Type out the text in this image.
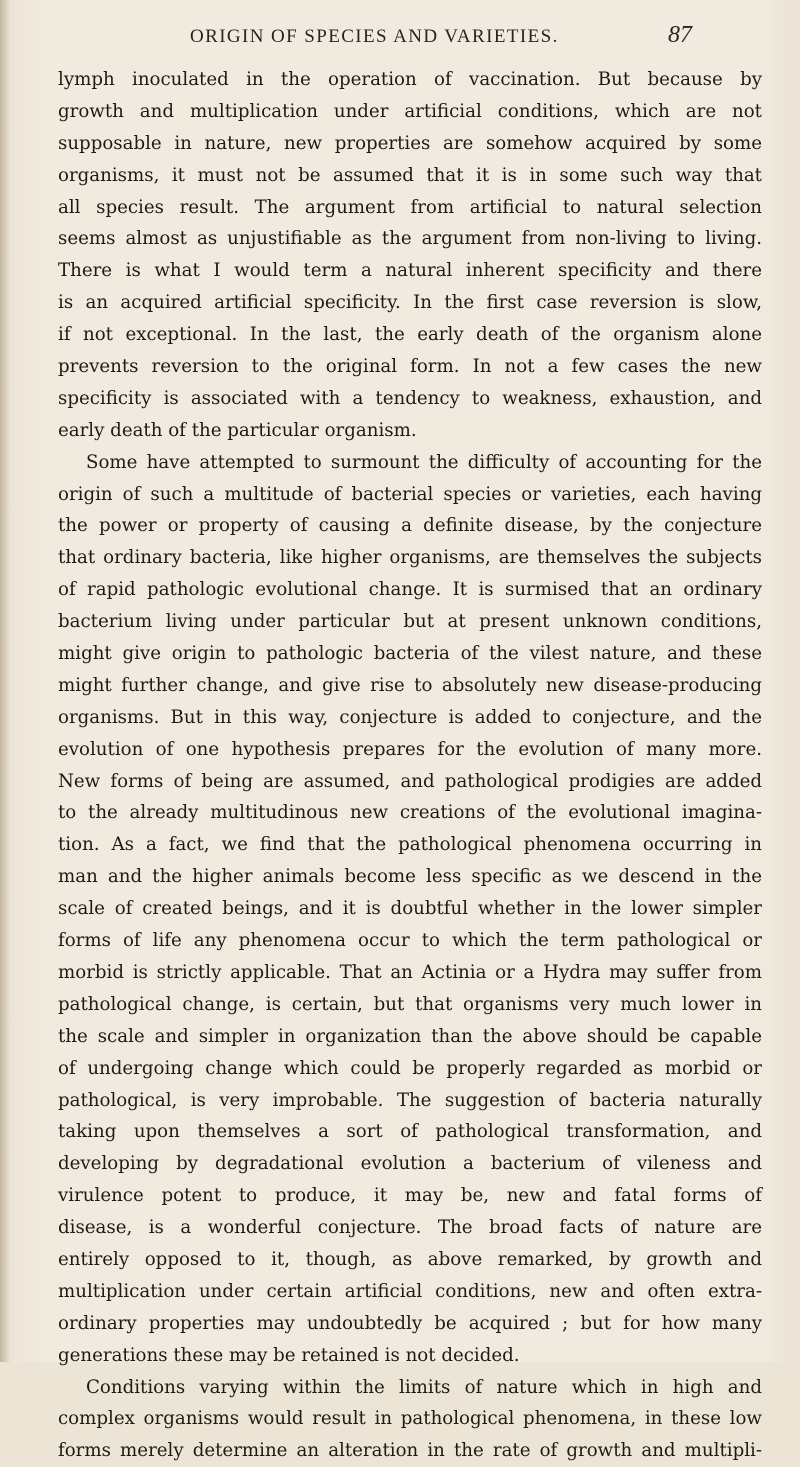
ORIGIN OF SPECIES AND VARIETIES.	87
lymph inoculated in the operation of vaccination. But because by
growth and multiplication under artificial conditions, which are not
supposable in nature, new properties are somehow acquired by some
organisms, it must not be assumed that it is in some such way that
all species result. The argument from artificial to natural selection
seems almost as unjustifiable as the argument from non-living to living.
There is what I would term a natural inherent specificity and there
is an acquired artificial specificity. In the first case reversion is slow,
if not exceptional. In the last, the early death of the organism alone
prevents reversion to the original form. In not a few cases the new
specificity is associated with a tendency to weakness, exhaustion, and
early death of the particular organism.
Some have attempted to surmount the difficulty of accounting for the
origin of such a multitude of bacterial species or varieties, each having
the power or property of causing a definite disease, by the conjecture
that ordinary bacteria, like higher organisms, are themselves the subjects
of rapid pathologic evolutional change. It is surmised that an ordinary
bacterium living under particular but at present unknown conditions,
might give origin to pathologic bacteria of the vilest nature, and these
might further change, and give rise to absolutely new disease-producing
organisms. But in this way, conjecture is added to conjecture, and the
evolution of one hypothesis prepares for the evolution of many more.
New forms of being are assumed, and pathological prodigies are added
to the already multitudinous new creations of the evolutional imagina-
tion. As a fact, we find that the pathological phenomena occurring in
man and the higher animals become less specific as we descend in the
scale of created beings, and it is doubtful whether in the lower simpler
forms of life any phenomena occur to which the term pathological or
morbid is strictly applicable. That an Actinia or a Hydra may suffer from
pathological change, is certain, but that organisms very much lower in
the scale and simpler in organization than the above should be capable
of undergoing change which could be properly regarded as morbid or
pathological, is very improbable. The suggestion of bacteria naturally
taking upon themselves a sort of pathological transformation, and
developing by degradational evolution a bacterium of vileness and
virulence potent to produce, it may be, new and fatal forms of
disease, is a wonderful conjecture. The broad facts of nature are
entirely opposed to it, though, as above remarked, by growth and
multiplication under certain artificial conditions, new and often extra-
ordinary properties may undoubtedly be acquired ; but for how many
generations these may be retained is not decided.
Conditions varying within the limits of nature which in high and
complex organisms would result in pathological phenomena, in these low
forms merely determine an alteration in the rate of growth and multipli-
